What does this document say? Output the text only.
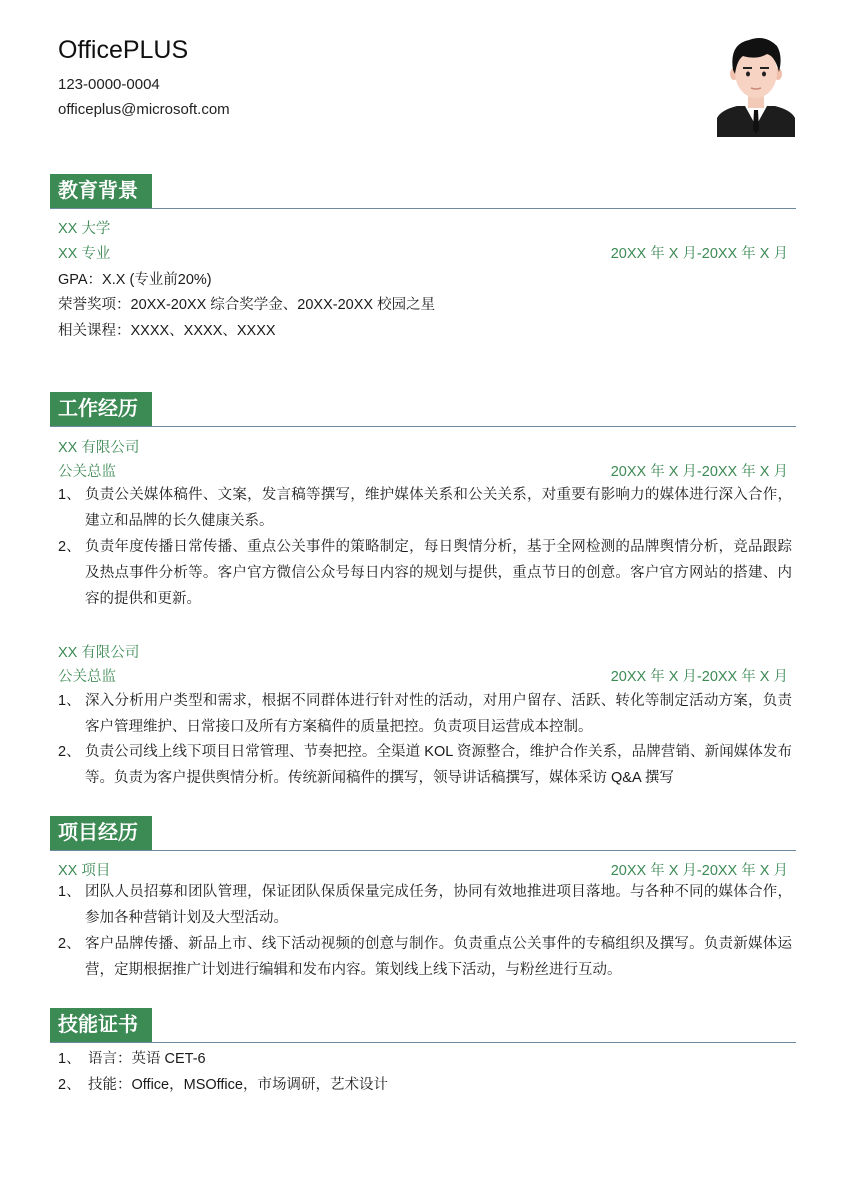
OfficePLUS
123-0000-0004
officeplus@microsoft.com
教育背景
XX 大学
XX 专业	20XX 年 X 月-20XX 年 X 月
GPA：X.X (专业前20%)
荣誉奖项：20XX-20XX 综合奖学金、20XX-20XX 校园之星
相关课程：XXXX、XXXX、XXXX
工作经历
XX 有限公司
公关总监	20XX 年 X 月-20XX 年 X 月
1、 负责公关媒体稿件、文案，发言稿等撰写，维护媒体关系和公关关系，对重要有影响力的媒体进行深入合作，建立和品牌的长久健康关系。
2、 负责年度传播日常传播、重点公关事件的策略制定，每日舆情分析，基于全网检测的品牌舆情分析，竞品跟踪及热点事件分析等。客户官方微信公众号每日内容的规划与提供，重点节日的创意。客户官方网站的搭建、内容的提供和更新。
XX 有限公司
公关总监	20XX 年 X 月-20XX 年 X 月
1、 深入分析用户类型和需求，根据不同群体进行针对性的活动，对用户留存、活跃、转化等制定活动方案，负责客户管理维护、日常接口及所有方案稿件的质量把控。负责项目运营成本控制。
2、 负责公司线上线下项目日常管理、节奏把控。全渠道 KOL 资源整合，维护合作关系，品牌营销、新闻媒体发布等。负责为客户提供舆情分析。传统新闻稿件的撰写，领导讲话稿撰写，媒体采访 Q&A 撰写
项目经历
XX 项目	20XX 年 X 月-20XX 年 X 月
1、 团队人员招募和团队管理，保证团队保质保量完成任务，协同有效地推进项目落地。与各种不同的媒体合作，参加各种营销计划及大型活动。
2、 客户品牌传播、新品上市、线下活动视频的创意与制作。负责重点公关事件的专稿组织及撰写。负责新媒体运营，定期根据推广计划进行编辑和发布内容。策划线上线下活动，与粉丝进行互动。
技能证书
1、 语言：英语 CET-6
2、 技能：Office，MSOffice，市场调研，艺术设计
